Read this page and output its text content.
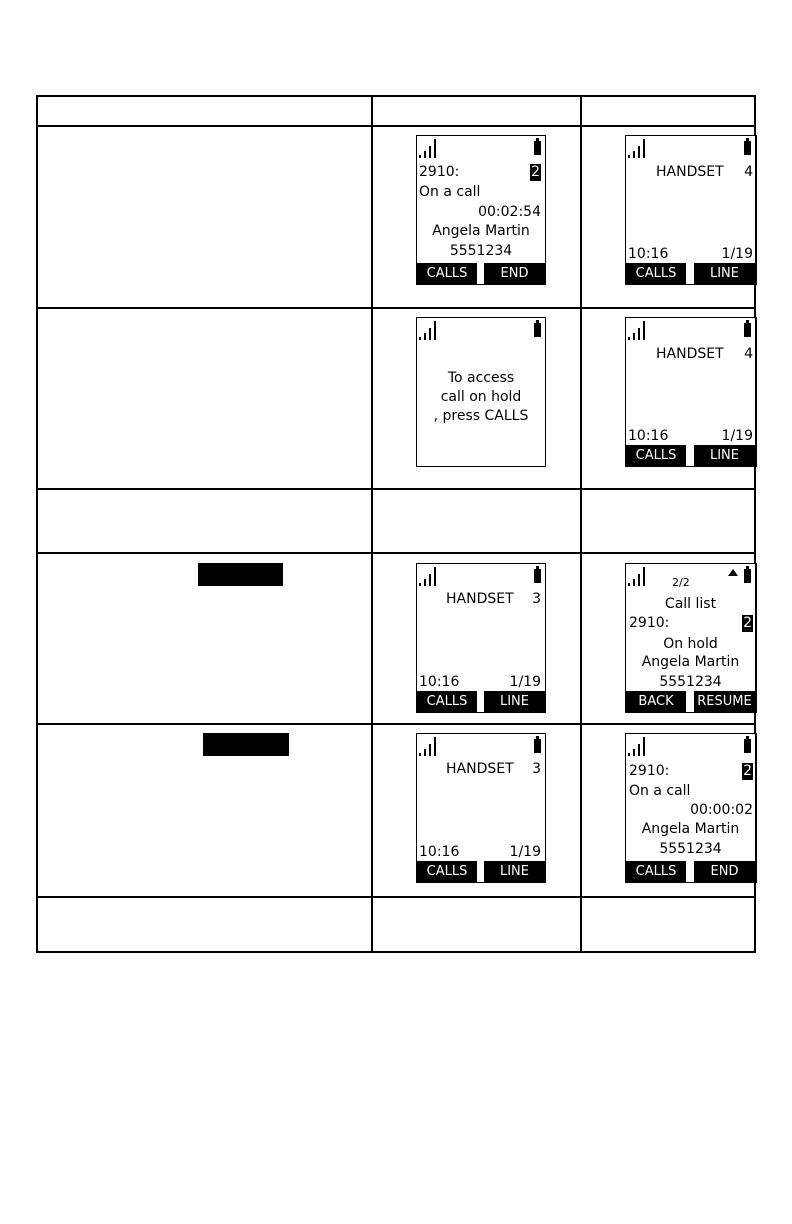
2910:	2
On a call
00:02:54
Angela Martin
5551234
CALLS	END
HANDSET 4
10:16	1/19
CALLS	LINE
To access
call on hold
, press CALLS
HANDSET 4
10:16	1/19
CALLS	LINE
HANDSET 3
10:16	1/19
CALLS	LINE
2/2
Call list
2910:	2
On hold
Angela Martin
5551234
BACK	RESUME
HANDSET 3
10:16	1/19
CALLS	LINE
2910:	2
On a call
00:00:02
Angela Martin
5551234
CALLS	END
